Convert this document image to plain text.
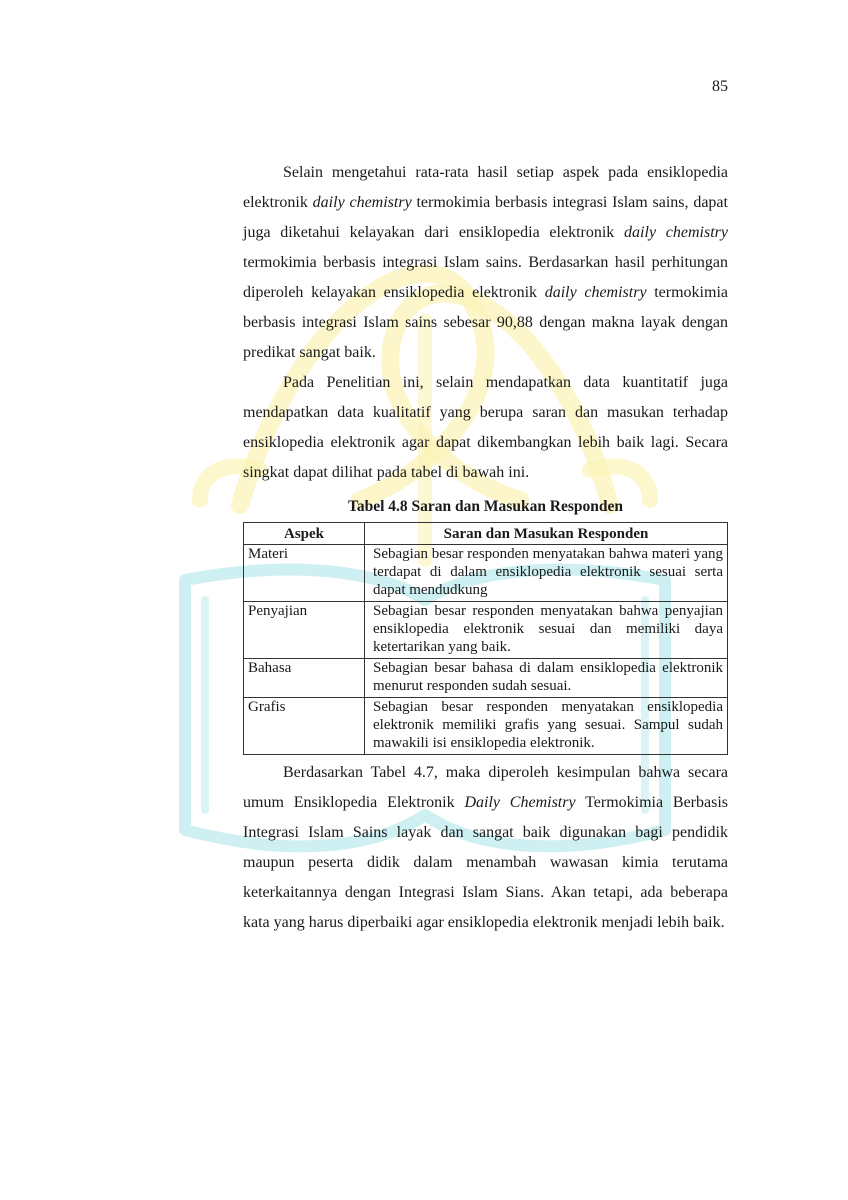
85

Selain mengetahui rata-rata hasil setiap aspek pada ensiklopedia elektronik daily chemistry termokimia berbasis integrasi Islam sains, dapat juga diketahui kelayakan dari ensiklopedia elektronik daily chemistry termokimia berbasis integrasi Islam sains. Berdasarkan hasil perhitungan diperoleh kelayakan ensiklopedia elektronik daily chemistry termokimia berbasis integrasi Islam sains sebesar 90,88 dengan makna layak dengan predikat sangat baik.

Pada Penelitian ini, selain mendapatkan data kuantitatif juga mendapatkan data kualitatif yang berupa saran dan masukan terhadap ensiklopedia elektronik agar dapat dikembangkan lebih baik lagi. Secara singkat dapat dilihat pada tabel di bawah ini.

Tabel 4.8 Saran dan Masukan Responden
Aspek	Saran dan Masukan Responden
Materi	Sebagian besar responden menyatakan bahwa materi yang terdapat di dalam ensiklopedia elektronik sesuai serta dapat mendudkung
Penyajian	Sebagian besar responden menyatakan bahwa penyajian ensiklopedia elektronik sesuai dan memiliki daya ketertarikan yang baik.
Bahasa	Sebagian besar bahasa di dalam ensiklopedia elektronik menurut responden sudah sesuai.
Grafis	Sebagian besar responden menyatakan ensiklopedia elektronik memiliki grafis yang sesuai. Sampul sudah mawakili isi ensiklopedia elektronik.

Berdasarkan Tabel 4.7, maka diperoleh kesimpulan bahwa secara umum Ensiklopedia Elektronik Daily Chemistry Termokimia Berbasis Integrasi Islam Sains layak dan sangat baik digunakan bagi pendidik maupun peserta didik dalam menambah wawasan kimia terutama keterkaitannya dengan Integrasi Islam Sians. Akan tetapi, ada beberapa kata yang harus diperbaiki agar ensiklopedia elektronik menjadi lebih baik.
